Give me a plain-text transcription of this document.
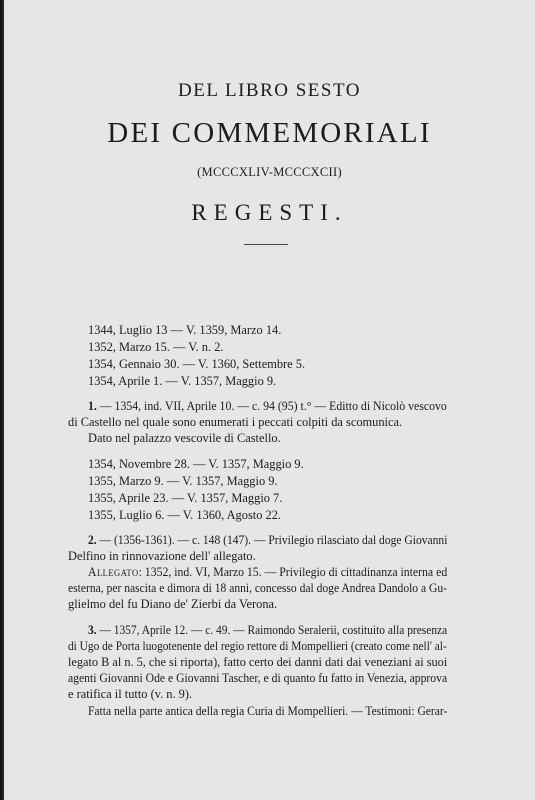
DEL LIBRO SESTO
DEI COMMEMORIALI
(MCCCXLIV-MCCCXCII)
REGESTI.
1344, Luglio 13 — V. 1359, Marzo 14.
1352, Marzo 15. — V. n. 2.
1354, Gennaio 30. — V. 1360, Settembre 5.
1354, Aprile 1. — V. 1357, Maggio 9.
1. — 1354, ind. VII, Aprile 10. — c. 94 (95) t.° — Editto di Nicolò vescovo
di Castello nel quale sono enumerati i peccati colpiti da scomunica.
Dato nel palazzo vescovile di Castello.
1354, Novembre 28. — V. 1357, Maggio 9.
1355, Marzo 9. — V. 1357, Maggio 9.
1355, Aprile 23. — V. 1357, Maggio 7.
1355, Luglio 6. — V. 1360, Agosto 22.
2. — (1356-1361). — c. 148 (147). — Privilegio rilasciato dal doge Giovanni
Delfino in rinnovazione dell' allegato.
Allegato: 1352, ind. VI, Marzo 15. — Privilegio di cittadinanza interna ed
esterna, per nascita e dimora di 18 anni, concesso dal doge Andrea Dandolo a Gu-
glielmo del fu Diano de' Zierbi da Verona.
3. — 1357, Aprile 12. — c. 49. — Raimondo Seralerii, costituito alla presenza
di Ugo de Porta luogotenente del regio rettore di Mompellieri (creato come nell' al-
legato B al n. 5, che si riporta), fatto certo dei danni dati dai veneziani ai suoi
agenti Giovanni Ode e Giovanni Tascher, e di quanto fu fatto in Venezia, approva
e ratifica il tutto (v. n. 9).
Fatta nella parte antica della regia Curia di Mompellieri. — Testimoni: Gerar-
